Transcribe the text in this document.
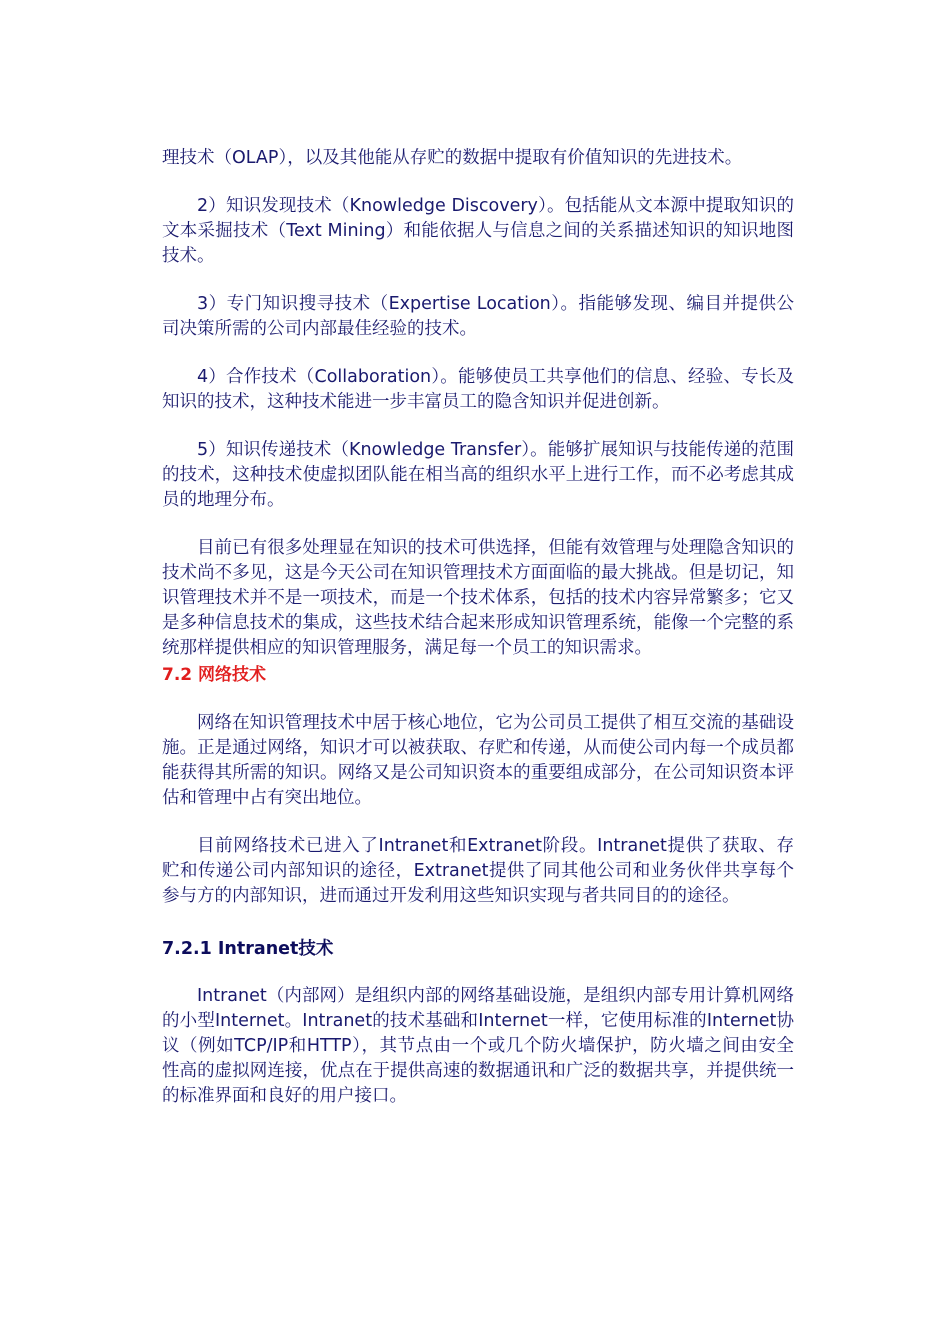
理技术（OLAP），以及其他能从存贮的数据中提取有价值知识的先进技术。

2）知识发现技术（Knowledge Discovery）。包括能从文本源中提取知识的文本采掘技术（Text Mining）和能依据人与信息之间的关系描述知识的知识地图技术。

3）专门知识搜寻技术（Expertise Location）。指能够发现、编目并提供公司决策所需的公司内部最佳经验的技术。

4）合作技术（Collaboration）。能够使员工共享他们的信息、经验、专长及知识的技术，这种技术能进一步丰富员工的隐含知识并促进创新。

5）知识传递技术（Knowledge Transfer）。能够扩展知识与技能传递的范围的技术，这种技术使虚拟团队能在相当高的组织水平上进行工作，而不必考虑其成员的地理分布。

目前已有很多处理显在知识的技术可供选择，但能有效管理与处理隐含知识的技术尚不多见，这是今天公司在知识管理技术方面面临的最大挑战。但是切记，知识管理技术并不是一项技术，而是一个技术体系，包括的技术内容异常繁多；它又是多种信息技术的集成，这些技术结合起来形成知识管理系统，能像一个完整的系统那样提供相应的知识管理服务，满足每一个员工的知识需求。

7.2 网络技术

网络在知识管理技术中居于核心地位，它为公司员工提供了相互交流的基础设施。正是通过网络，知识才可以被获取、存贮和传递，从而使公司内每一个成员都能获得其所需的知识。网络又是公司知识资本的重要组成部分，在公司知识资本评估和管理中占有突出地位。

目前网络技术已进入了Intranet和Extranet阶段。Intranet提供了获取、存贮和传递公司内部知识的途径，Extranet提供了同其他公司和业务伙伴共享每个参与方的内部知识，进而通过开发利用这些知识实现与者共同目的的途径。

7.2.1 Intranet技术

Intranet（内部网）是组织内部的网络基础设施，是组织内部专用计算机网络的小型Internet。Intranet的技术基础和Internet一样，它使用标准的Internet协议（例如TCP/IP和HTTP），其节点由一个或几个防火墙保护，防火墙之间由安全性高的虚拟网连接，优点在于提供高速的数据通讯和广泛的数据共享，并提供统一的标准界面和良好的用户接口。
